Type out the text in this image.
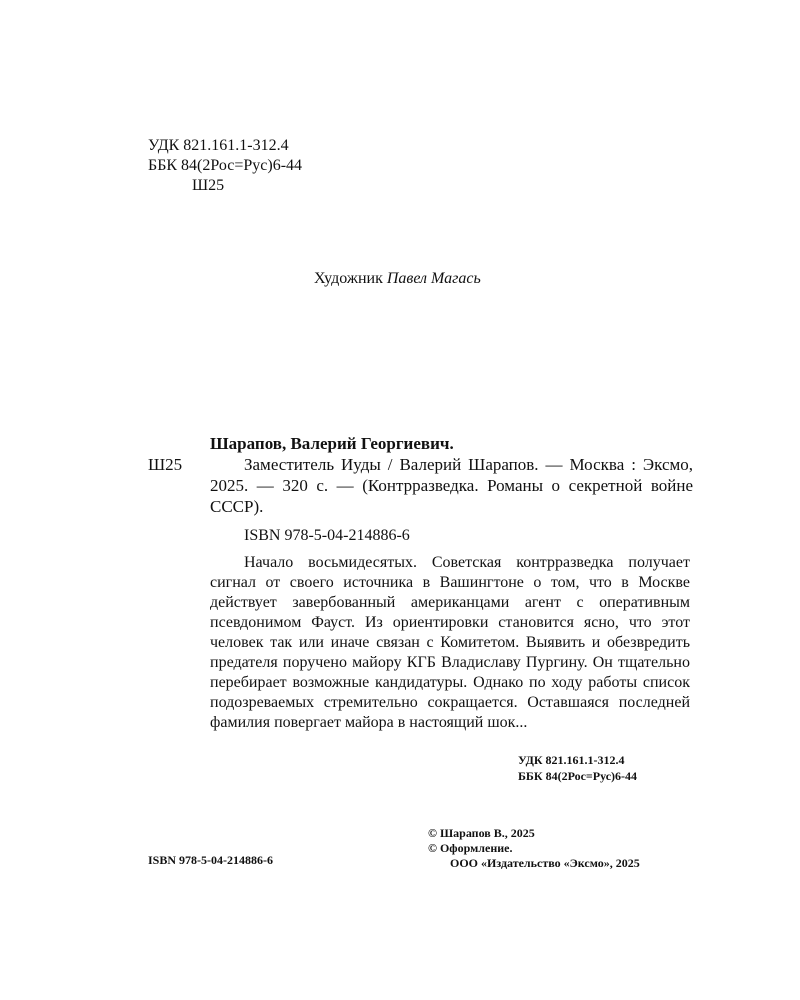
УДК 821.161.1-312.4
ББК 84(2Рос=Рус)6-44
Ш25
Художник Павел Магась
Шарапов, Валерий Георгиевич.
Ш25	Заместитель Иуды / Валерий Шарапов. — Москва : Эксмо, 2025. — 320 с. — (Контрразведка. Романы о секретной войне СССР).
ISBN 978-5-04-214886-6
Начало восьмидесятых. Советская контрразведка получает сигнал от своего источника в Вашингтоне о том, что в Москве действует завербованный американцами агент с оперативным псевдонимом Фауст. Из ориентировки становится ясно, что этот человек так или иначе связан с Комитетом. Выявить и обезвредить предателя поручено майору КГБ Владиславу Пургину. Он тщательно перебирает возможные кандидатуры. Однако по ходу работы список подозреваемых стремительно сокращается. Оставшаяся последней фамилия повергает майора в настоящий шок...
УДК 821.161.1-312.4
ББК 84(2Рос=Рус)6-44
© Шарапов В., 2025
© Оформление.
ООО «Издательство «Эксмо», 2025
ISBN 978-5-04-214886-6
